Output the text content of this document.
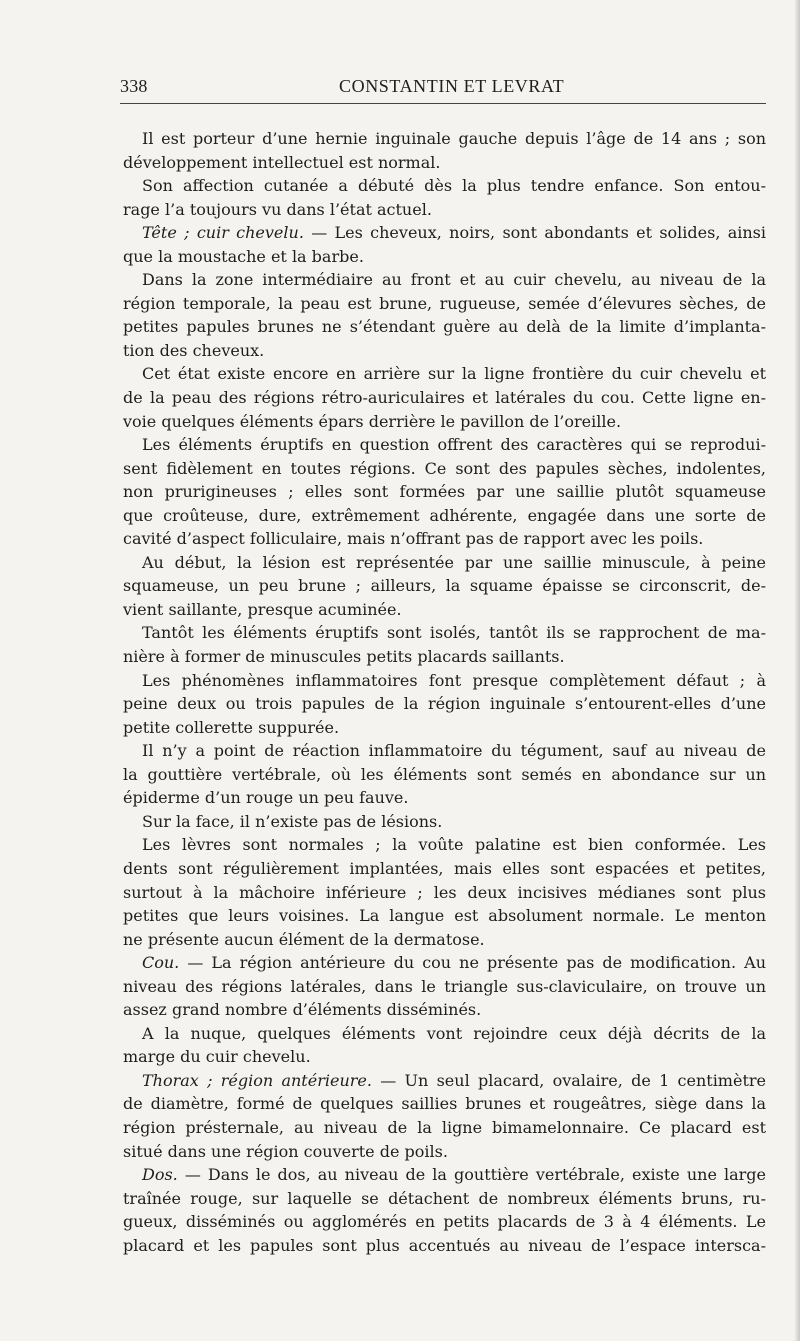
338	CONSTANTIN ET LEVRAT
Il est porteur d’une hernie inguinale gauche depuis l’âge de 14 ans ; son
développement intellectuel est normal.
Son affection cutanée a débuté dès la plus tendre enfance. Son entou-
rage l’a toujours vu dans l’état actuel.
Tête ; cuir chevelu. — Les cheveux, noirs, sont abondants et solides, ainsi
que la moustache et la barbe.
Dans la zone intermédiaire au front et au cuir chevelu, au niveau de la
région temporale, la peau est brune, rugueuse, semée d’élevures sèches, de
petites papules brunes ne s’étendant guère au delà de la limite d’implanta-
tion des cheveux.
Cet état existe encore en arrière sur la ligne frontière du cuir chevelu et
de la peau des régions rétro-auriculaires et latérales du cou. Cette ligne en-
voie quelques éléments épars derrière le pavillon de l’oreille.
Les éléments éruptifs en question offrent des caractères qui se reprodui-
sent fidèlement en toutes régions. Ce sont des papules sèches, indolentes,
non prurigineuses ; elles sont formées par une saillie plutôt squameuse
que croûteuse, dure, extrêmement adhérente, engagée dans une sorte de
cavité d’aspect folliculaire, mais n’offrant pas de rapport avec les poils.
Au début, la lésion est représentée par une saillie minuscule, à peine
squameuse, un peu brune ; ailleurs, la squame épaisse se circonscrit, de-
vient saillante, presque acuminée.
Tantôt les éléments éruptifs sont isolés, tantôt ils se rapprochent de ma-
nière à former de minuscules petits placards saillants.
Les phénomènes inflammatoires font presque complètement défaut ; à
peine deux ou trois papules de la région inguinale s’entourent-elles d’une
petite collerette suppurée.
Il n’y a point de réaction inflammatoire du tégument, sauf au niveau de
la gouttière vertébrale, où les éléments sont semés en abondance sur un
épiderme d’un rouge un peu fauve.
Sur la face, il n’existe pas de lésions.
Les lèvres sont normales ; la voûte palatine est bien conformée. Les
dents sont régulièrement implantées, mais elles sont espacées et petites,
surtout à la mâchoire inférieure ; les deux incisives médianes sont plus
petites que leurs voisines. La langue est absolument normale. Le menton
ne présente aucun élément de la dermatose.
Cou. — La région antérieure du cou ne présente pas de modification. Au
niveau des régions latérales, dans le triangle sus-claviculaire, on trouve un
assez grand nombre d’éléments disséminés.
A la nuque, quelques éléments vont rejoindre ceux déjà décrits de la
marge du cuir chevelu.
Thorax ; région antérieure. — Un seul placard, ovalaire, de 1 centimètre
de diamètre, formé de quelques saillies brunes et rougeâtres, siège dans la
région présternale, au niveau de la ligne bimamelonnaire. Ce placard est
situé dans une région couverte de poils.
Dos. — Dans le dos, au niveau de la gouttière vertébrale, existe une large
traînée rouge, sur laquelle se détachent de nombreux éléments bruns, ru-
gueux, disséminés ou agglomérés en petits placards de 3 à 4 éléments. Le
placard et les papules sont plus accentués au niveau de l’espace intersca-
